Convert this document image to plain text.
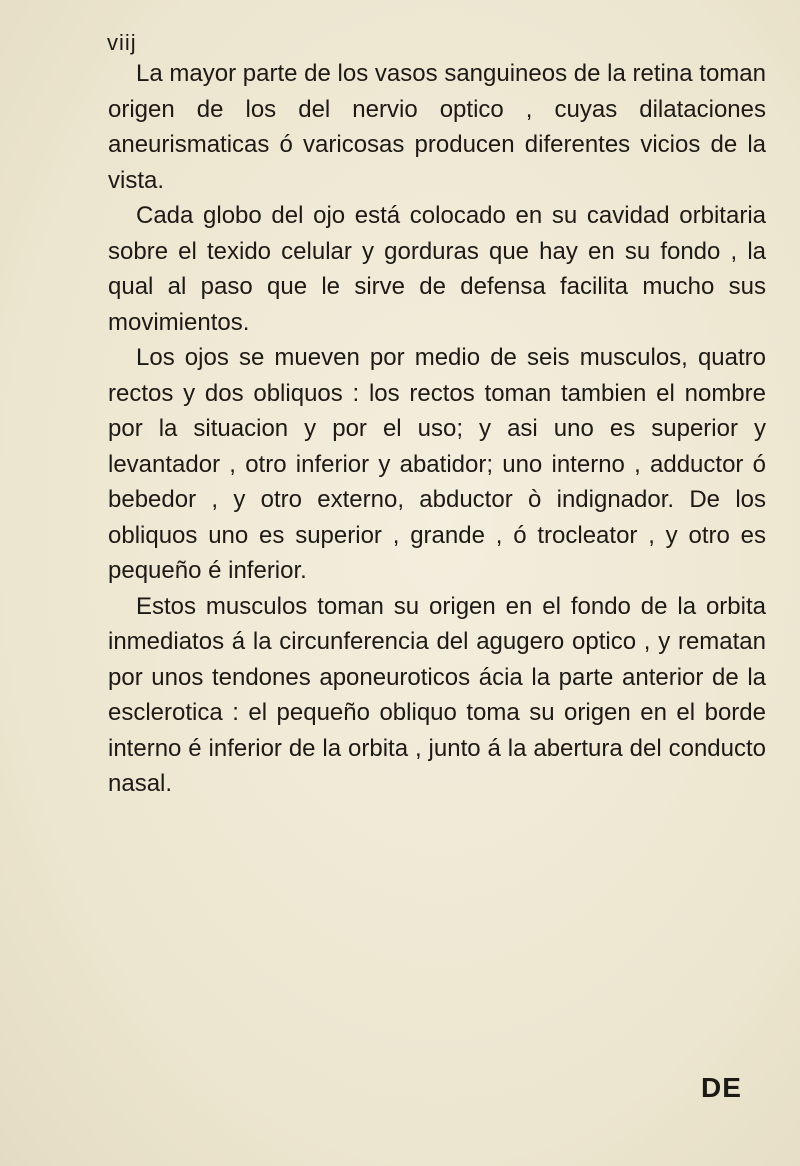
viij

La mayor parte de los vasos sanguineos de la retina toman origen de los del nervio optico , cuyas dilataciones aneurismaticas ó varicosas producen diferentes vicios de la vista.

Cada globo del ojo está colocado en su cavidad orbitaria sobre el texido celular y gorduras que hay en su fondo , la qual al paso que le sirve de defensa facilita mucho sus movimientos.

Los ojos se mueven por medio de seis musculos, quatro rectos y dos obliquos : los rectos toman tambien el nombre por la situacion y por el uso; y asi uno es superior y levantador , otro inferior y abatidor; uno interno , adductor ó bebedor , y otro externo, abductor ò indignador. De los obliquos uno es superior , grande , ó trocleator , y otro es pequeño é inferior.

Estos musculos toman su origen en el fondo de la orbita inmediatos á la circunferencia del agugero optico , y rematan por unos tendones aponeuroticos ácia la parte anterior de la esclerotica : el pequeño obliquo toma su origen en el borde interno é inferior de la orbita , junto á la abertura del conducto nasal.

DE
